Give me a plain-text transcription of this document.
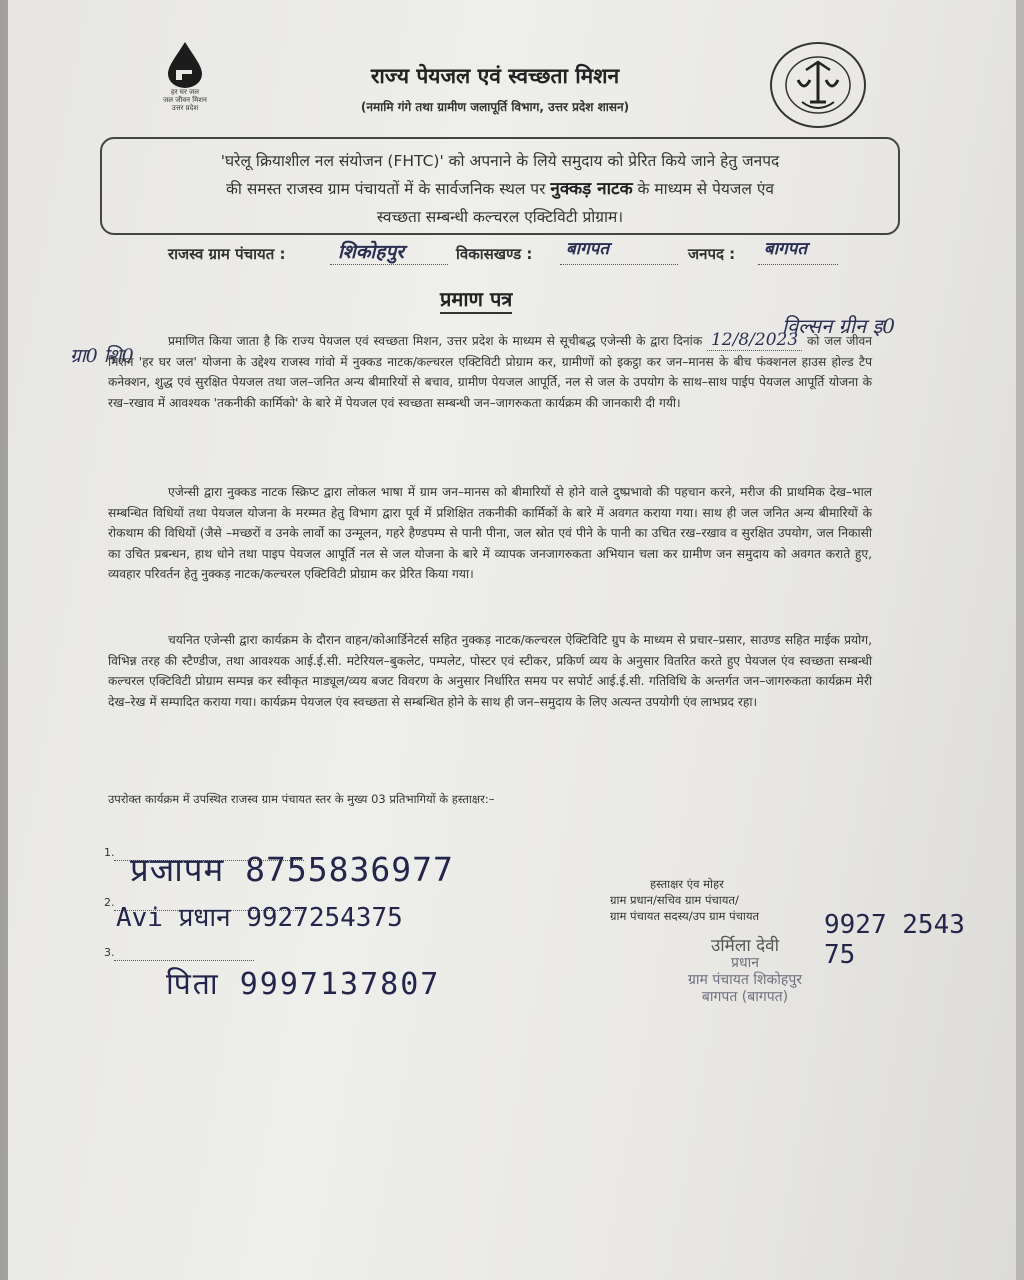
हर घर जल
जल जीवन मिशन
उत्तर प्रदेश
राज्य पेयजल एवं स्वच्छता मिशन
(नमामि गंगे तथा ग्रामीण जलापूर्ति विभाग, उत्तर प्रदेश शासन)
'घरेलू क्रियाशील नल संयोजन (FHTC)' को अपनाने के लिये समुदाय को प्रेरित किये जाने हेतु जनपद
की समस्त राजस्व ग्राम पंचायतों में के सार्वजनिक स्थल पर नुक्कड़ नाटक के माध्यम से पेयजल एंव
स्वच्छता सम्बन्धी कल्चरल एक्टिविटी प्रोग्राम।
राजस्व ग्राम पंचायत :	शिकोहपुर	विकासखण्ड : बागपत	जनपद : बागपत
प्रमाण पत्र
ग्रा0 शि0
विल्सन ग्रीन इ0
प्रमाणित किया जाता है कि राज्य पेयजल एवं स्वच्छता मिशन, उत्तर प्रदेश के माध्यम से सूचीबद्ध एजेन्सी के द्वारा दिनांक 12/8/2023 को जल जीवन मिशन 'हर घर जल' योजना के उद्देश्य राजस्व गांवो में नुक्कड नाटक/कल्चरल एक्टिविटी प्रोग्राम कर, ग्रामीणों को इकट्ठा कर जन–मानस के बीच फंक्शनल हाउस होल्ड टैप कनेक्शन, शुद्ध एवं सुरक्षित पेयजल तथा जल–जनित अन्य बीमारियों से बचाव, ग्रामीण पेयजल आपूर्ति, नल से जल के उपयोग के साथ–साथ पाईप पेयजल आपूर्ति योजना के रख–रखाव में आवश्यक 'तकनीकी कार्मिको' के बारे में पेयजल एवं स्वच्छता सम्बन्धी जन–जागरुकता कार्यक्रम की जानकारी दी गयी।
एजेन्सी द्वारा नुक्कड नाटक स्क्रिप्ट द्वारा लोकल भाषा में ग्राम जन–मानस को बीमारियों से होने वाले दुष्प्रभावो की पहचान करने, मरीज की प्राथमिक देख–भाल सम्बन्धित विधियों तथा पेयजल योजना के मरम्मत हेतु विभाग द्वारा पूर्व में प्रशिक्षित तकनीकी कार्मिकों के बारे में अवगत कराया गया। साथ ही जल जनित अन्य बीमारियों के रोकथाम की विधियों (जैसे –मच्छरों व उनके लार्वो का उन्मूलन, गहरे हैण्डपम्प से पानी पीना, जल स्रोत एवं पीने के पानी का उचित रख–रखाव व सुरक्षित उपयोग, जल निकासी का उचित प्रबन्धन, हाथ धोने तथा पाइप पेयजल आपूर्ति नल से जल योजना के बारे में व्यापक जनजागरुकता अभियान चला कर ग्रामीण जन समुदाय को अवगत कराते हुए, व्यवहार परिवर्तन हेतु नुक्कड़ नाटक/कल्चरल एक्टिविटी प्रोग्राम कर प्रेरित किया गया।
चयनित एजेन्सी द्वारा कार्यक्रम के दौरान वाहन/कोआर्डिनेटर्स सहित नुक्कड़ नाटक/कल्चरल ऐक्टिविटि ग्रुप के माध्यम से प्रचार–प्रसार, साउण्ड सहित माईक प्रयोग, विभिन्न तरह की स्टैण्डीज, तथा आवश्यक आई.ई.सी. मटेरियल–बुकलेट, पम्पलेट, पोस्टर एवं स्टीकर, प्रकिर्ण व्यय के अनुसार वितरित करते हुए पेयजल एंव स्वच्छता सम्बन्धी कल्चरल एक्टिविटी प्रोग्राम सम्पन्न कर स्वीकृत माड्यूल/व्यय बजट विवरण के अनुसार निर्धारित समय पर सपोर्ट आई.ई.सी. गतिविधि के अन्तर्गत जन–जागरुकता कार्यक्रम मेरी देख–रेख में सम्पादित कराया गया। कार्यक्रम पेयजल एंव स्वच्छता से सम्बन्धित होने के साथ ही जन–समुदाय के लिए अत्यन्त उपयोगी एंव लाभप्रद रहा।
उपरोक्त कार्यक्रम में उपस्थित राजस्व ग्राम पंचायत स्तर के मुख्य 03 प्रतिभागियों के हस्ताक्षर:–
1. प्रजापम 8755836977
2.
Avi प्रधान 9927254375
3.
पिता 9997137807
हस्ताक्षर एंव मोहर
ग्राम प्रधान/सचिव ग्राम पंचायत/
ग्राम पंचायत सदस्य/उप ग्राम पंचायत 9927 2543 75
उर्मिला देवी
प्रधान
ग्राम पंचायत शिकोहपुर
बागपत (बागपत)
